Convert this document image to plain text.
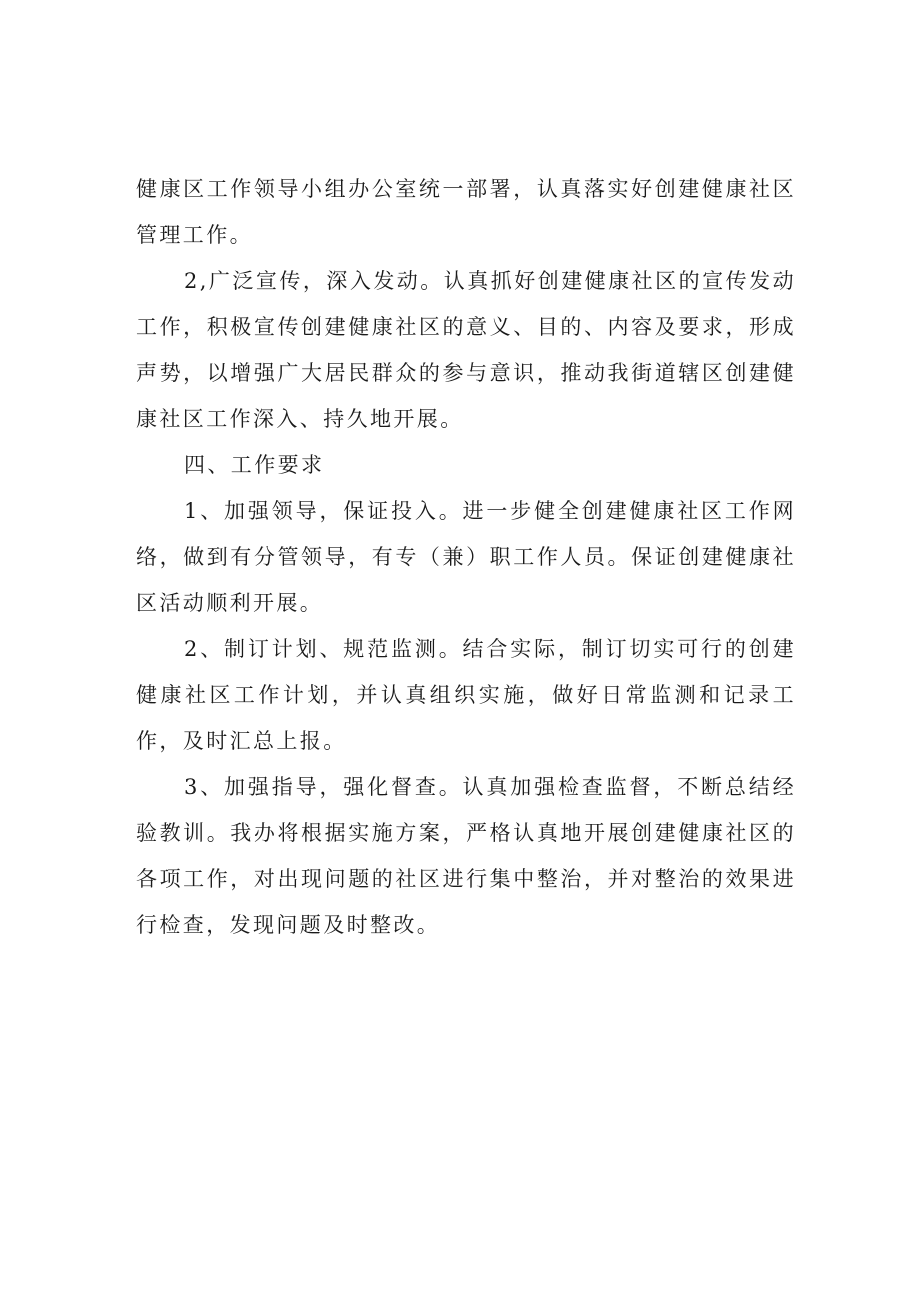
健康区工作领导小组办公室统一部署，认真落实好创建健康社区管理工作。

2,广泛宣传，深入发动。认真抓好创建健康社区的宣传发动工作，积极宣传创建健康社区的意义、目的、内容及要求，形成声势，以增强广大居民群众的参与意识，推动我街道辖区创建健康社区工作深入、持久地开展。

四、工作要求

1、加强领导，保证投入。进一步健全创建健康社区工作网络，做到有分管领导，有专（兼）职工作人员。保证创建健康社区活动顺利开展。

2、制订计划、规范监测。结合实际，制订切实可行的创建健康社区工作计划，并认真组织实施，做好日常监测和记录工作，及时汇总上报。

3、加强指导，强化督查。认真加强检查监督，不断总结经验教训。我办将根据实施方案，严格认真地开展创建健康社区的各项工作，对出现问题的社区进行集中整治，并对整治的效果进行检查，发现问题及时整改。
